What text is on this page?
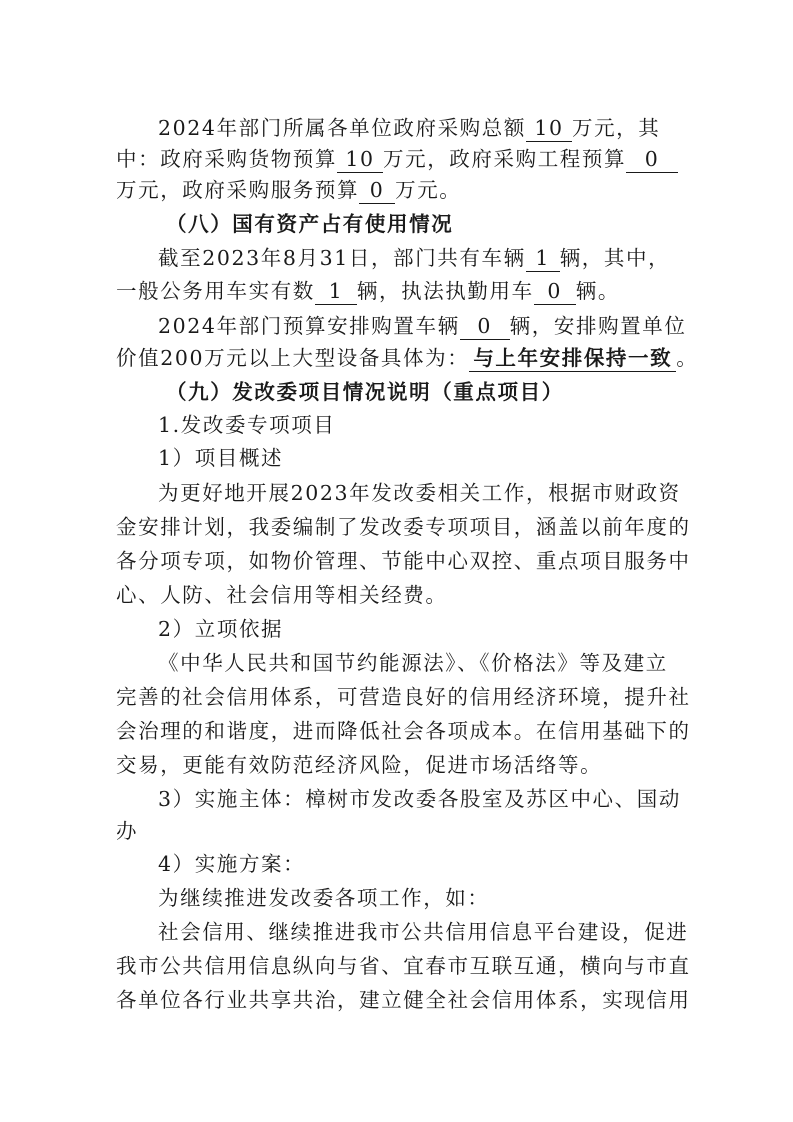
2024年部门所属各单位政府采购总额 10 万元，其
中：政府采购货物预算 10 万元，政府采购工程预算 0
万元，政府采购服务预算 0 万元。
（八）国有资产占有使用情况
截至2023年8月31日，部门共有车辆 1 辆，其中，
一般公务用车实有数 1 辆，执法执勤用车 0 辆。
2024年部门预算安排购置车辆 0 辆，安排购置单位
价值200万元以上大型设备具体为： 与上年安排保持一致 。
（九）发改委项目情况说明（重点项目）
1.发改委专项项目
1）项目概述
为更好地开展2023年发改委相关工作，根据市财政资
金安排计划，我委编制了发改委专项项目，涵盖以前年度的
各分项专项，如物价管理、节能中心双控、重点项目服务中
心、人防、社会信用等相关经费。
2）立项依据
《中华人民共和国节约能源法》、《价格法》等及建立
完善的社会信用体系，可营造良好的信用经济环境，提升社
会治理的和谐度，进而降低社会各项成本。在信用基础下的
交易，更能有效防范经济风险，促进市场活络等。
3）实施主体：樟树市发改委各股室及苏区中心、国动
办
4）实施方案：
为继续推进发改委各项工作，如：
社会信用、继续推进我市公共信用信息平台建设，促进
我市公共信用信息纵向与省、宜春市互联互通，横向与市直
各单位各行业共享共治，建立健全社会信用体系，实现信用
